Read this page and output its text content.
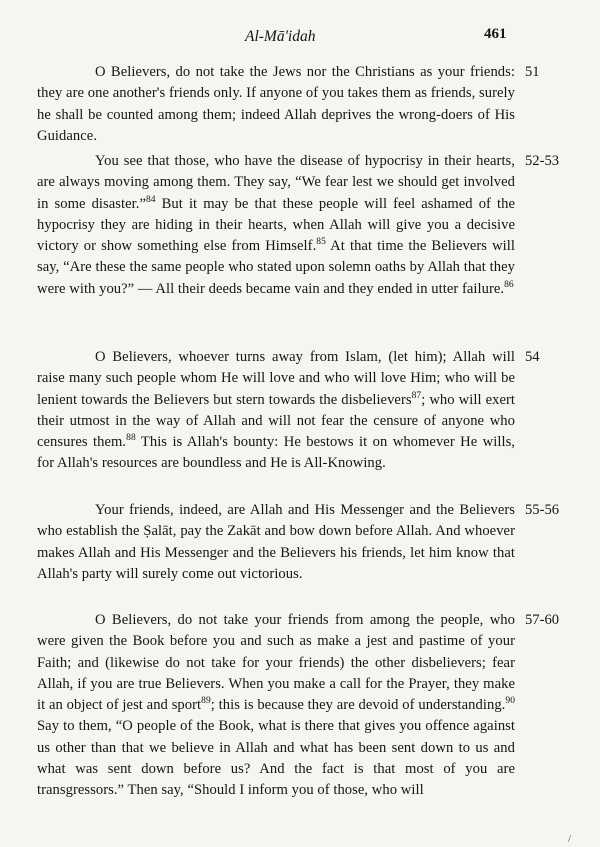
Al-Mā'idah	461

O Believers, do not take the Jews nor the Christians as your friends: they are one another's friends only. If anyone of you takes them as friends, surely he shall be counted among them; indeed Allah deprives the wrong-doers of His Guidance.

51

You see that those, who have the disease of hypocrisy in their hearts, are always moving among them. They say, “We fear lest we should get involved in some disaster.”$^{84}$ But it may be that these people will feel ashamed of the hypocrisy they are hiding in their hearts, when Allah will give you a decisive victory or show something else from Himself.$^{85}$ At that time the Believers will say, “Are these the same people who stated upon solemn oaths by Allah that they were with you?” — All their deeds became vain and they ended in utter failure.$^{86}$

52-53

O Believers, whoever turns away from Islam, (let him); Allah will raise many such people whom He will love and who will love Him; who will be lenient towards the Believers but stern towards the disbelievers$^{87}$; who will exert their utmost in the way of Allah and will not fear the censure of anyone who censures them.$^{88}$ This is Allah's bounty: He bestows it on whomever He wills, for Allah's resources are boundless and He is All-Knowing.

54

Your friends, indeed, are Allah and His Messenger and the Believers who establish the Ṣalāt, pay the Zakāt and bow down before Allah. And whoever makes Allah and His Messenger and the Believers his friends, let him know that Allah's party will surely come out victorious.

55-56

O Believers, do not take your friends from among the people, who were given the Book before you and such as make a jest and pastime of your Faith; and (likewise do not take for your friends) the other disbelievers; fear Allah, if you are true Believers. When you make a call for the Prayer, they make it an object of jest and sport$^{89}$; this is because they are devoid of understanding.$^{90}$ Say to them, “O people of the Book, what is there that gives you offence against us other than that we believe in Allah and what has been sent down to us and what was sent down before us? And the fact is that most of you are transgressors.” Then say, “Should I inform you of those, who will

57-60
/
